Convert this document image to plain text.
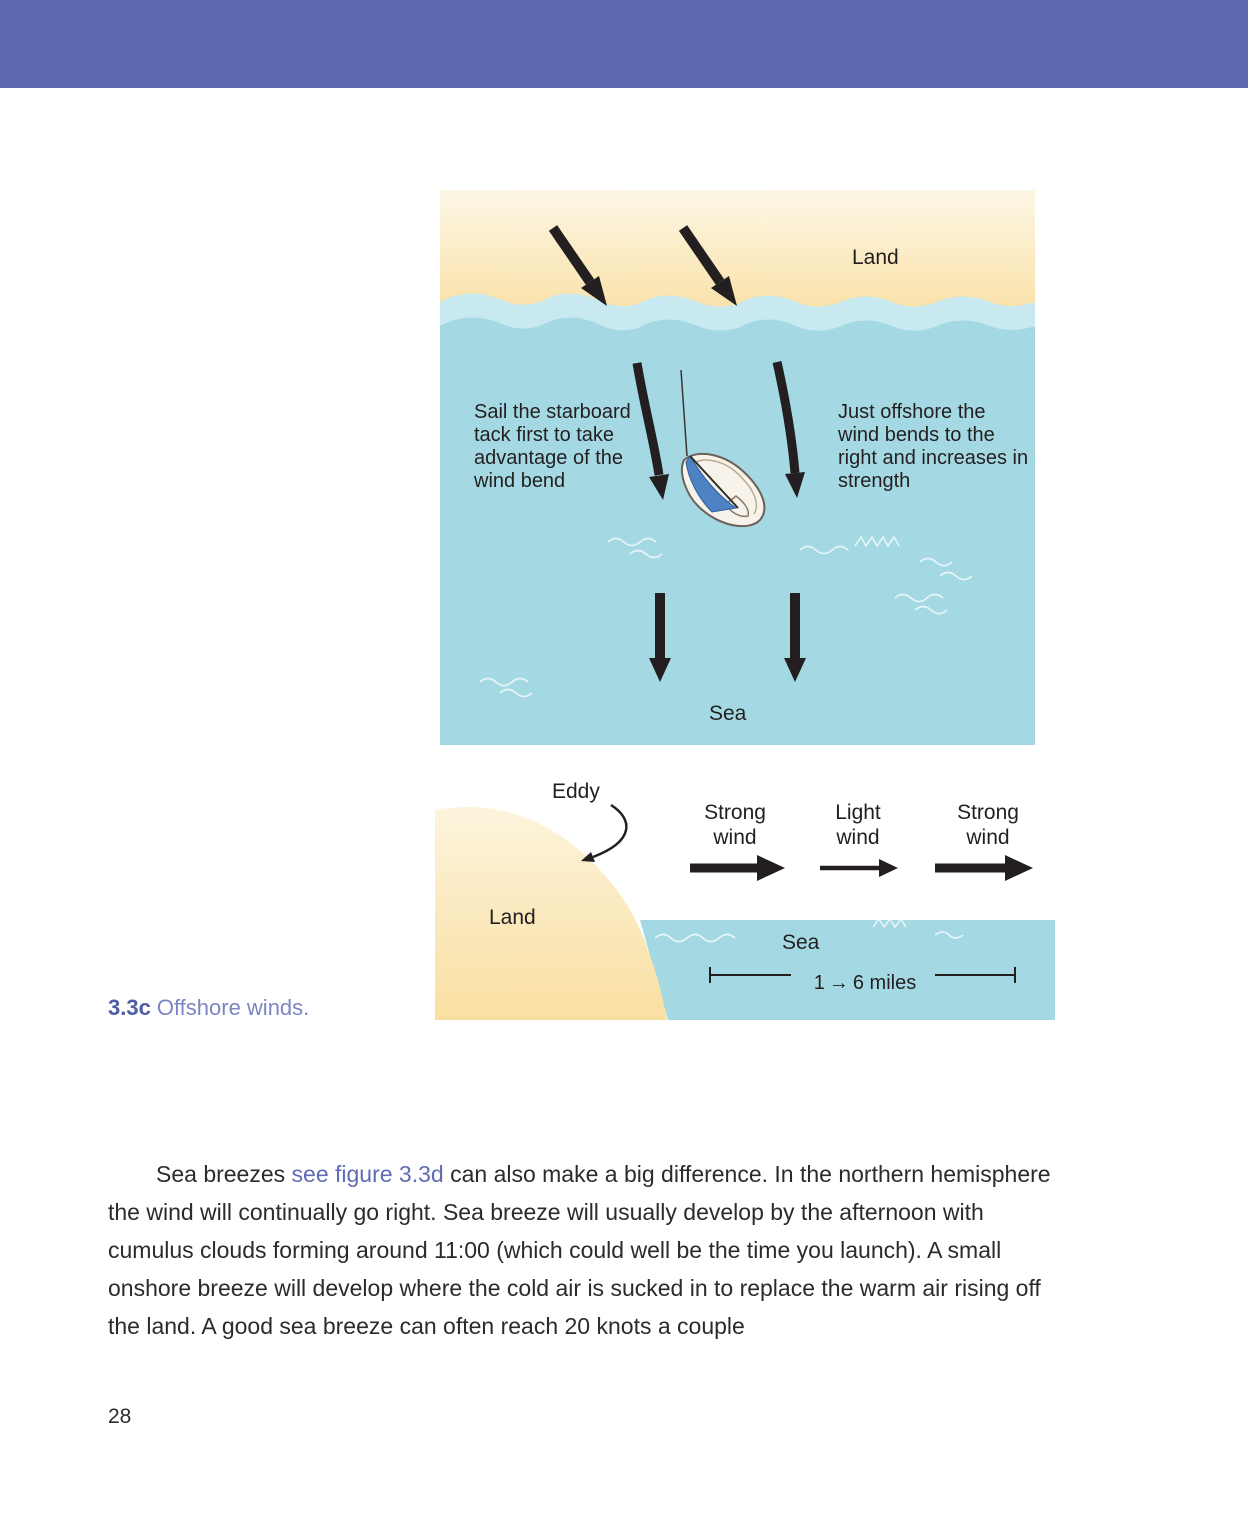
Land
Sail the starboard tack first to take advantage of the wind bend
Just offshore the wind bends to the right and increases in strength
Sea
Eddy
Land
Sea
Strong wind
Light wind
Strong wind
1 → 6 miles
3.3c Offshore winds.

Sea breezes see figure 3.3d can also make a big difference. In the northern hemisphere the wind will continually go right. Sea breeze will usually develop by the afternoon with cumulus clouds forming around 11:00 (which could well be the time you launch). A small onshore breeze will develop where the cold air is sucked in to replace the warm air rising off the land. A good sea breeze can often reach 20 knots a couple

28
